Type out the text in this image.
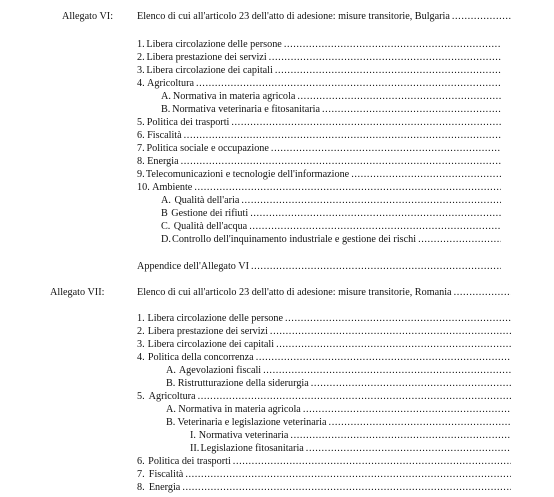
Allegato VI: Elenco di cui all'articolo 23 dell'atto di adesione: misure transitorie, Bulgaria
.....
1. Libera circolazione delle persone
.....
2. Libera prestazione dei servizi
.....
3. Libera circolazione dei capitali
.....
4. Agricoltura
.....
A. Normativa in materia agricola
.....
B. Normativa veterinaria e fitosanitaria
.....
5. Politica dei trasporti
.....
6. Fiscalità
.....
7. Politica sociale e occupazione
.....
8. Energia
.....
9. Telecomunicazioni e tecnologie dell'informazione
.....
10. Ambiente
.....
A. Qualità dell'aria
.....
B Gestione dei rifiuti
.....
C. Qualità dell'acqua
.....
D. Controllo dell'inquinamento industriale e gestione dei rischi
.....
Appendice dell'Allegato VI
.....
Allegato VII:	Elenco di cui all'articolo 23 dell'atto di adesione: misure transitorie, Romania
.....
1. Libera circolazione delle persone
.....
2. Libera prestazione dei servizi
.....
3. Libera circolazione dei capitali
.....
4. Politica della concorrenza
.....
A. Agevolazioni fiscali
.....
B. Ristrutturazione della siderurgia
.....
5. Agricoltura
.....
A. Normativa in materia agricola
.....
B. Veterinaria e legislazione veterinaria
.....
I. Normativa veterinaria
.....
II. Legislazione fitosanitaria
.....
6. Politica dei trasporti
.....
7. Fiscalità
.....
8. Energia
.....
